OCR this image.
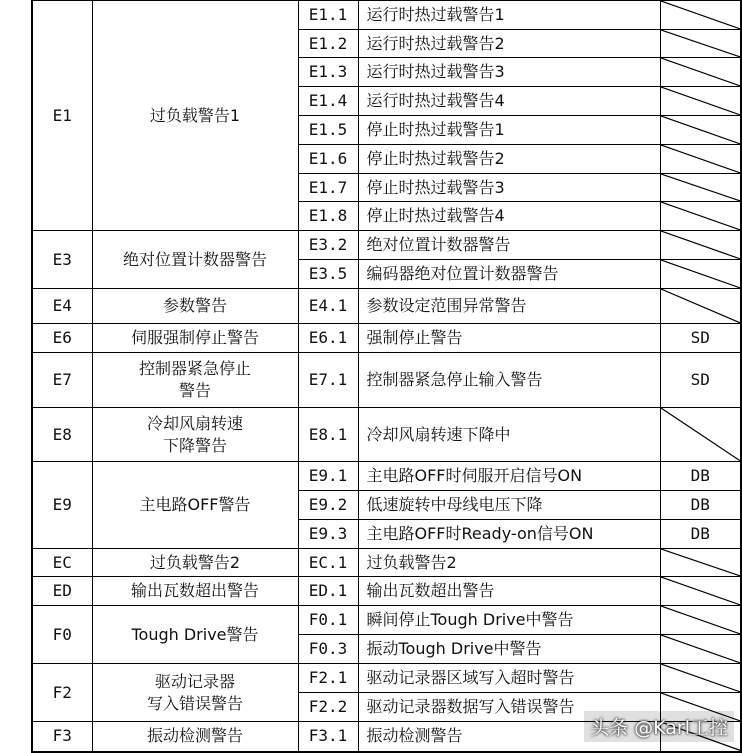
E1	过负载警告1	E1.1	运行时热过载警告1	

		E1.2	运行时热过载警告2	

		E1.3	运行时热过载警告3	

		E1.4	运行时热过载警告4	

		E1.5	停止时热过载警告1	

		E1.6	停止时热过载警告2	

		E1.7	停止时热过载警告3	

		E1.8	停止时热过载警告4	

E3	绝对位置计数器警告	E3.2	绝对位置计数器警告	

		E3.5	编码器绝对位置计数器警告	

E4	参数警告	E4.1	参数设定范围异常警告	

E6	伺服强制停止警告	E6.1	强制停止警告	SD
E7	控制器紧急停止
警告	E7.1	控制器紧急停止输入警告	SD
E8	冷却风扇转速
下降警告	E8.1	冷却风扇转速下降中	

E9	主电路OFF警告	E9.1	主电路OFF时伺服开启信号ON	DB
		E9.2	低速旋转中母线电压下降	DB
		E9.3	主电路OFF时Ready-on信号ON	DB
EC	过负载警告2	EC.1	过负载警告2	

ED	输出瓦数超出警告	ED.1	输出瓦数超出警告	

F0	Tough Drive警告	F0.1	瞬间停止Tough Drive中警告	

		F0.3	振动Tough Drive中警告	

F2	驱动记录器
写入错误警告	F2.1	驱动记录器区域写入超时警告	

		F2.2	驱动记录器数据写入错误警告	

F3	振动检测警告	F3.1	振动检测警告		头条 @Karl工控
